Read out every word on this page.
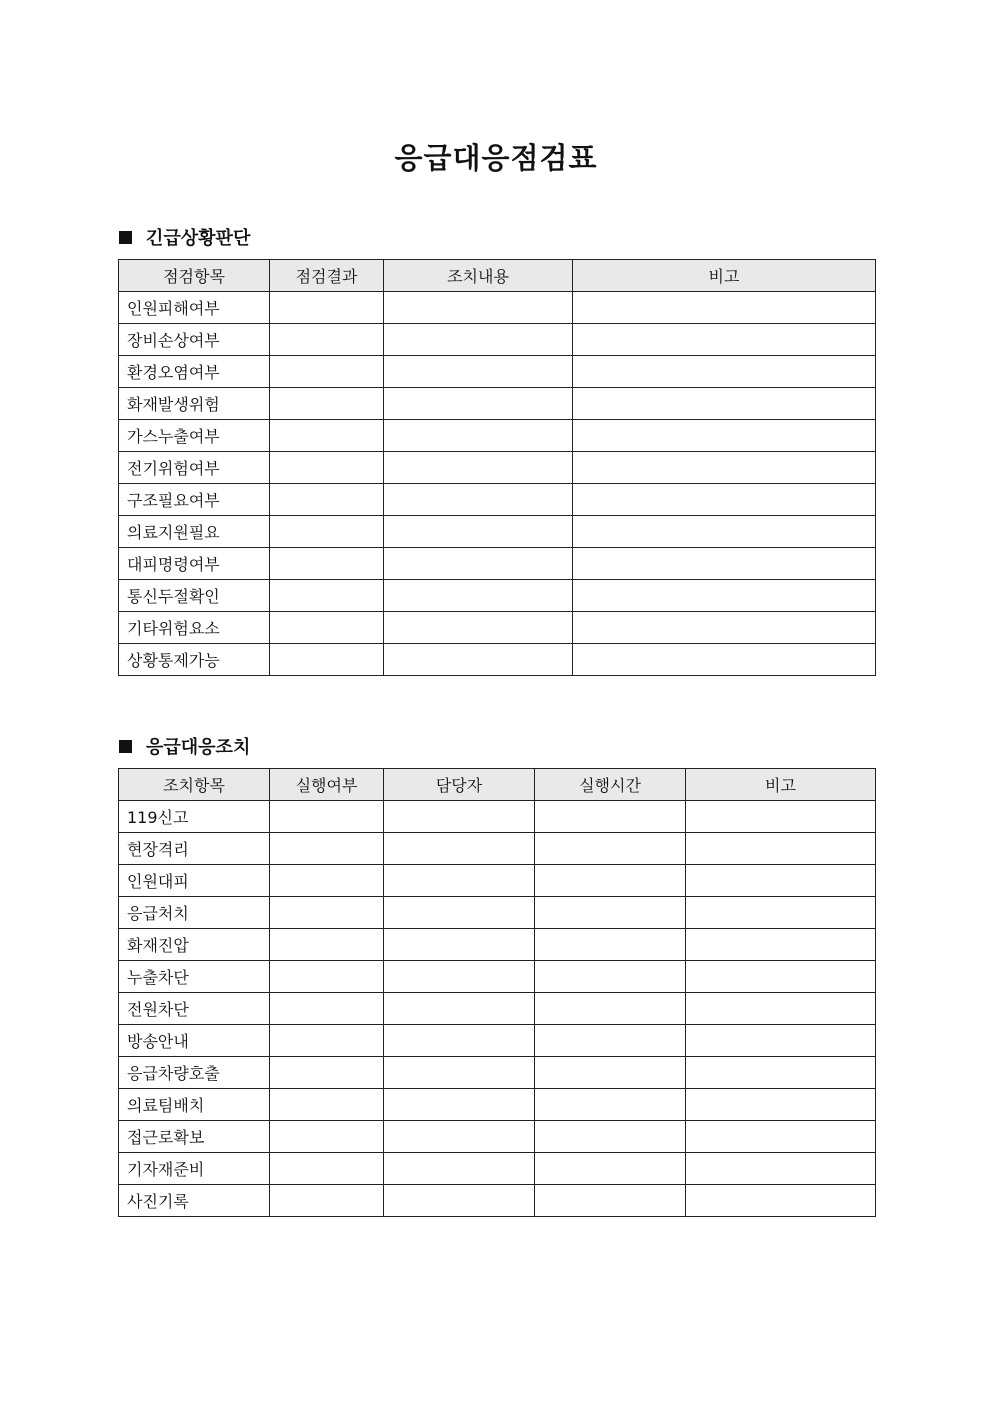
응급대응점검표
긴급상황판단
점검항목	점검결과	조치내용	비고
인원피해여부			
장비손상여부			
환경오염여부			
화재발생위험			
가스누출여부			
전기위험여부			
구조필요여부			
의료지원필요			
대피명령여부			
통신두절확인			
기타위험요소			
상황통제가능			
응급대응조치
조치항목	실행여부	담당자	실행시간	비고
119신고				
현장격리				
인원대피				
응급처치				
화재진압				
누출차단				
전원차단				
방송안내				
응급차량호출				
의료팀배치				
접근로확보				
기자재준비				
사진기록				
